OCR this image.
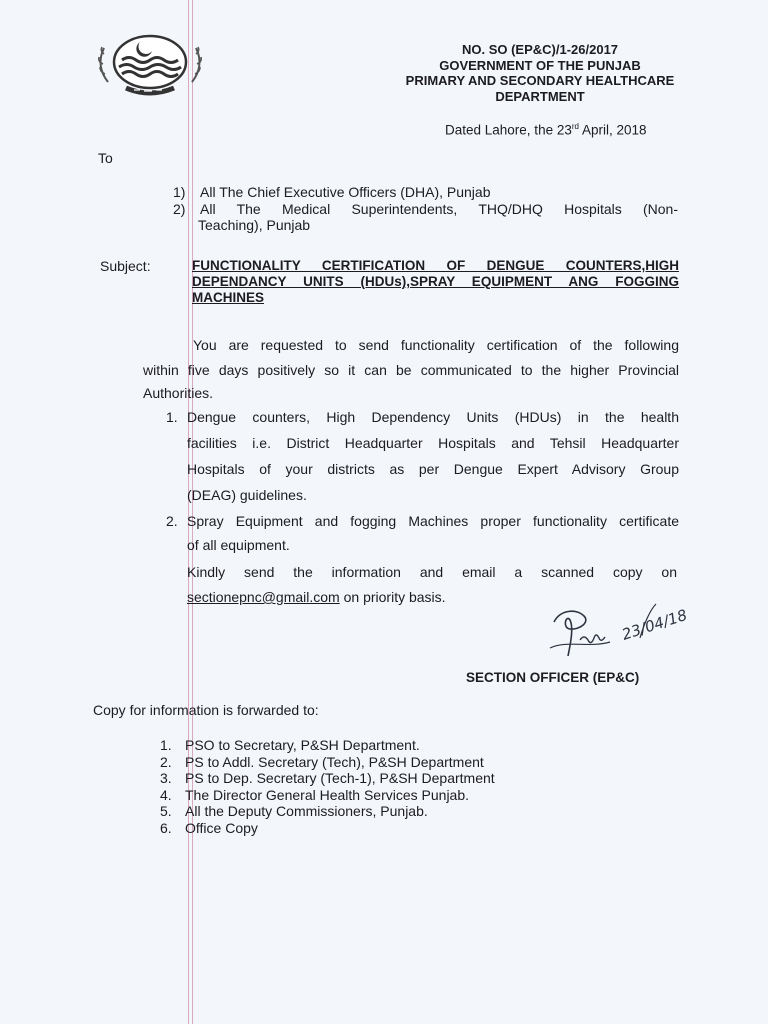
NO. SO (EP&C)/1-26/2017
GOVERNMENT OF THE PUNJAB
PRIMARY AND SECONDARY HEALTHCARE
DEPARTMENT
Dated Lahore, the 23rd April, 2018
To
1) All The Chief Executive Officers (DHA), Punjab
2) All The Medical Superintendents, THQ/DHQ Hospitals (Non-
Teaching), Punjab
Subject:	FUNCTIONALITY CERTIFICATION OF DENGUE COUNTERS,HIGH
DEPENDANCY UNITS (HDUs),SPRAY EQUIPMENT ANG FOGGING
MACHINES
You are requested to send functionality certification of the following
within five days positively so it can be communicated to the higher Provincial
Authorities.
1. Dengue counters, High Dependency Units (HDUs) in the health
facilities i.e. District Headquarter Hospitals and Tehsil Headquarter
Hospitals of your districts as per Dengue Expert Advisory Group
(DEAG) guidelines.
2. Spray Equipment and fogging Machines proper functionality certificate
of all equipment.
Kindly send the information and email a scanned copy on
sectionepnc@gmail.com on priority basis.
23/04/18
SECTION OFFICER (EP&C)
Copy for information is forwarded to:
1. PSO to Secretary, P&SH Department.
2. PS to Addl. Secretary (Tech), P&SH Department
3. PS to Dep. Secretary (Tech-1), P&SH Department
4. The Director General Health Services Punjab.
5. All the Deputy Commissioners, Punjab.
6. Office Copy
